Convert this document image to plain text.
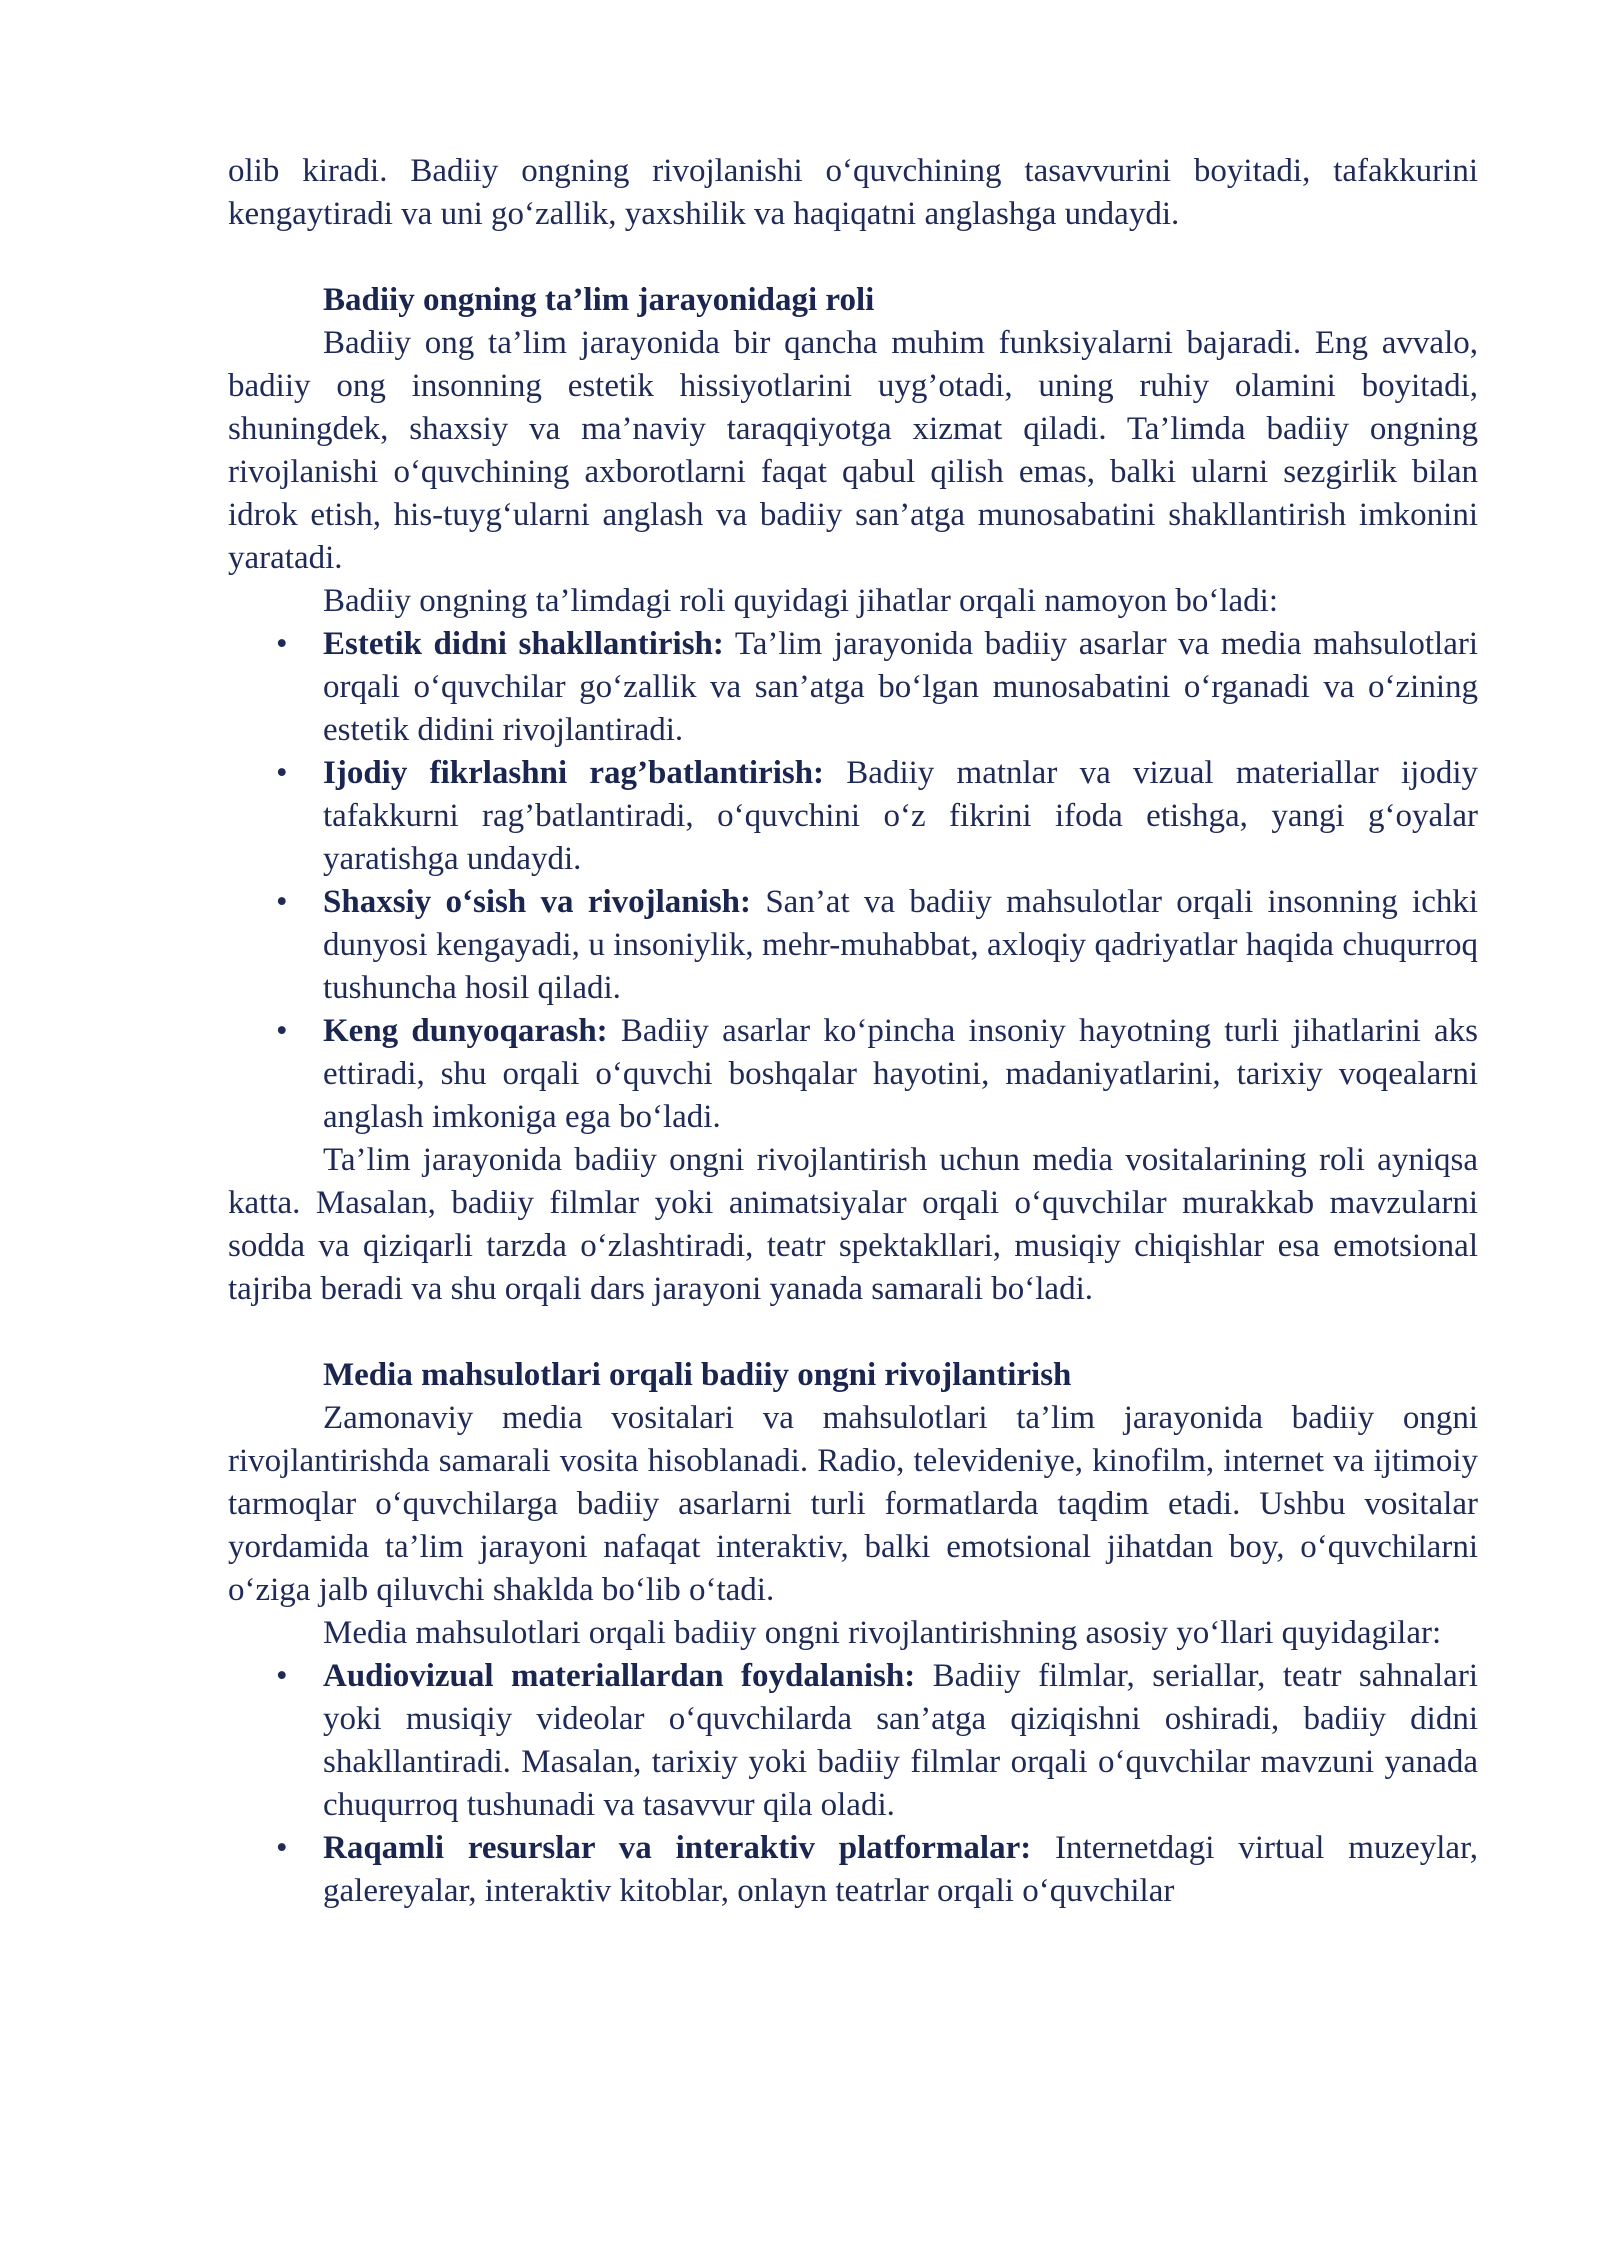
olib kiradi. Badiiy ongning rivojlanishi o‘quvchining tasavvurini boyitadi, tafakkurini kengaytiradi va uni go‘zallik, yaxshilik va haqiqatni anglashga undaydi.

Badiiy ongning ta’lim jarayonidagi roli

Badiiy ong ta’lim jarayonida bir qancha muhim funksiyalarni bajaradi. Eng avvalo, badiiy ong insonning estetik hissiyotlarini uyg’otadi, uning ruhiy olamini boyitadi, shuningdek, shaxsiy va ma’naviy taraqqiyotga xizmat qiladi. Ta’limda badiiy ongning rivojlanishi o‘quvchining axborotlarni faqat qabul qilish emas, balki ularni sezgirlik bilan idrok etish, his-tuyg‘ularni anglash va badiiy san’atga munosabatini shakllantirish imkonini yaratadi.

Badiiy ongning ta’limdagi roli quyidagi jihatlar orqali namoyon bo‘ladi:

• Estetik didni shakllantirish: Ta’lim jarayonida badiiy asarlar va media mahsulotlari orqali o‘quvchilar go‘zallik va san’atga bo‘lgan munosabatini o‘rganadi va o‘zining estetik didini rivojlantiradi.
• Ijodiy fikrlashni rag’batlantirish: Badiiy matnlar va vizual materiallar ijodiy tafakkurni rag’batlantiradi, o‘quvchini o‘z fikrini ifoda etishga, yangi g‘oyalar yaratishga undaydi.
• Shaxsiy o‘sish va rivojlanish: San’at va badiiy mahsulotlar orqali insonning ichki dunyosi kengayadi, u insoniylik, mehr-muhabbat, axloqiy qadriyatlar haqida chuqurroq tushuncha hosil qiladi.
• Keng dunyoqarash: Badiiy asarlar ko‘pincha insoniy hayotning turli jihatlarini aks ettiradi, shu orqali o‘quvchi boshqalar hayotini, madaniyatlarini, tarixiy voqealarni anglash imkoniga ega bo‘ladi.

Ta’lim jarayonida badiiy ongni rivojlantirish uchun media vositalarining roli ayniqsa katta. Masalan, badiiy filmlar yoki animatsiyalar orqali o‘quvchilar murakkab mavzularni sodda va qiziqarli tarzda o‘zlashtiradi, teatr spektakllari, musiqiy chiqishlar esa emotsional tajriba beradi va shu orqali dars jarayoni yanada samarali bo‘ladi.

Media mahsulotlari orqali badiiy ongni rivojlantirish

Zamonaviy media vositalari va mahsulotlari ta’lim jarayonida badiiy ongni rivojlantirishda samarali vosita hisoblanadi. Radio, televideniye, kinofilm, internet va ijtimoiy tarmoqlar o‘quvchilarga badiiy asarlarni turli formatlarda taqdim etadi. Ushbu vositalar yordamida ta’lim jarayoni nafaqat interaktiv, balki emotsional jihatdan boy, o‘quvchilarni o‘ziga jalb qiluvchi shaklda bo‘lib o‘tadi.

Media mahsulotlari orqali badiiy ongni rivojlantirishning asosiy yo‘llari quyidagilar:

• Audiovizual materiallardan foydalanish: Badiiy filmlar, seriallar, teatr sahnalari yoki musiqiy videolar o‘quvchilarda san’atga qiziqishni oshiradi, badiiy didni shakllantiradi. Masalan, tarixiy yoki badiiy filmlar orqali o‘quvchilar mavzuni yanada chuqurroq tushunadi va tasavvur qila oladi.
• Raqamli resurslar va interaktiv platformalar: Internetdagi virtual muzeylar, galereyalar, interaktiv kitoblar, onlayn teatrlar orqali o‘quvchilar
